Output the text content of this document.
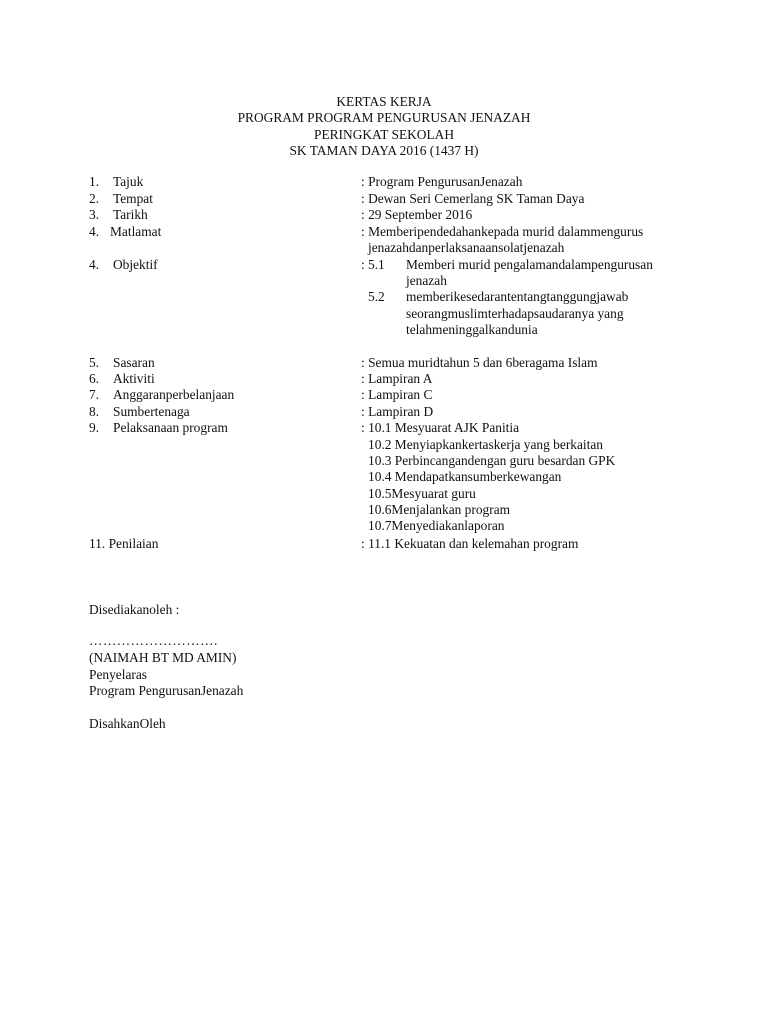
KERTAS KERJA
PROGRAM PROGRAM PENGURUSAN JENAZAH
PERINGKAT SEKOLAH
SK TAMAN DAYA 2016 (1437 H)
1. Tajuk	: Program PengurusanJenazah
2. Tempat	: Dewan Seri Cemerlang SK Taman Daya
3. Tarikh	: 29 September 2016
4. Matlamat	: Memberipendedahankepada murid dalammengurus
jenazahdanperlaksanaansolatjenazah
4. Objektif	: 5.1 Memberi murid pengalamandalampengurusan
jenazah
5.2 memberikesedarantentangtanggungjawab
seorangmuslimterhadapsaudaranya yang
telahmeninggalkandunia
5. Sasaran	: Semua muridtahun 5 dan 6beragama Islam
6. Aktiviti	: Lampiran A
7. Anggaranperbelanjaan	: Lampiran C
8. Sumbertenaga	: Lampiran D
9. Pelaksanaan program	: 10.1 Mesyuarat AJK Panitia
10.2 Menyiapkankertaskerja yang berkaitan
10.3 Perbincangandengan guru besardan GPK
10.4 Mendapatkansumberkewangan
10.5Mesyuarat guru
10.6Menjalankan program
10.7Menyediakanlaporan
11. Penilaian	: 11.1 Kekuatan dan kelemahan program
Disediakanoleh :
……………………….
(NAIMAH BT MD AMIN)
Penyelaras
Program PengurusanJenazah
DisahkanOleh
